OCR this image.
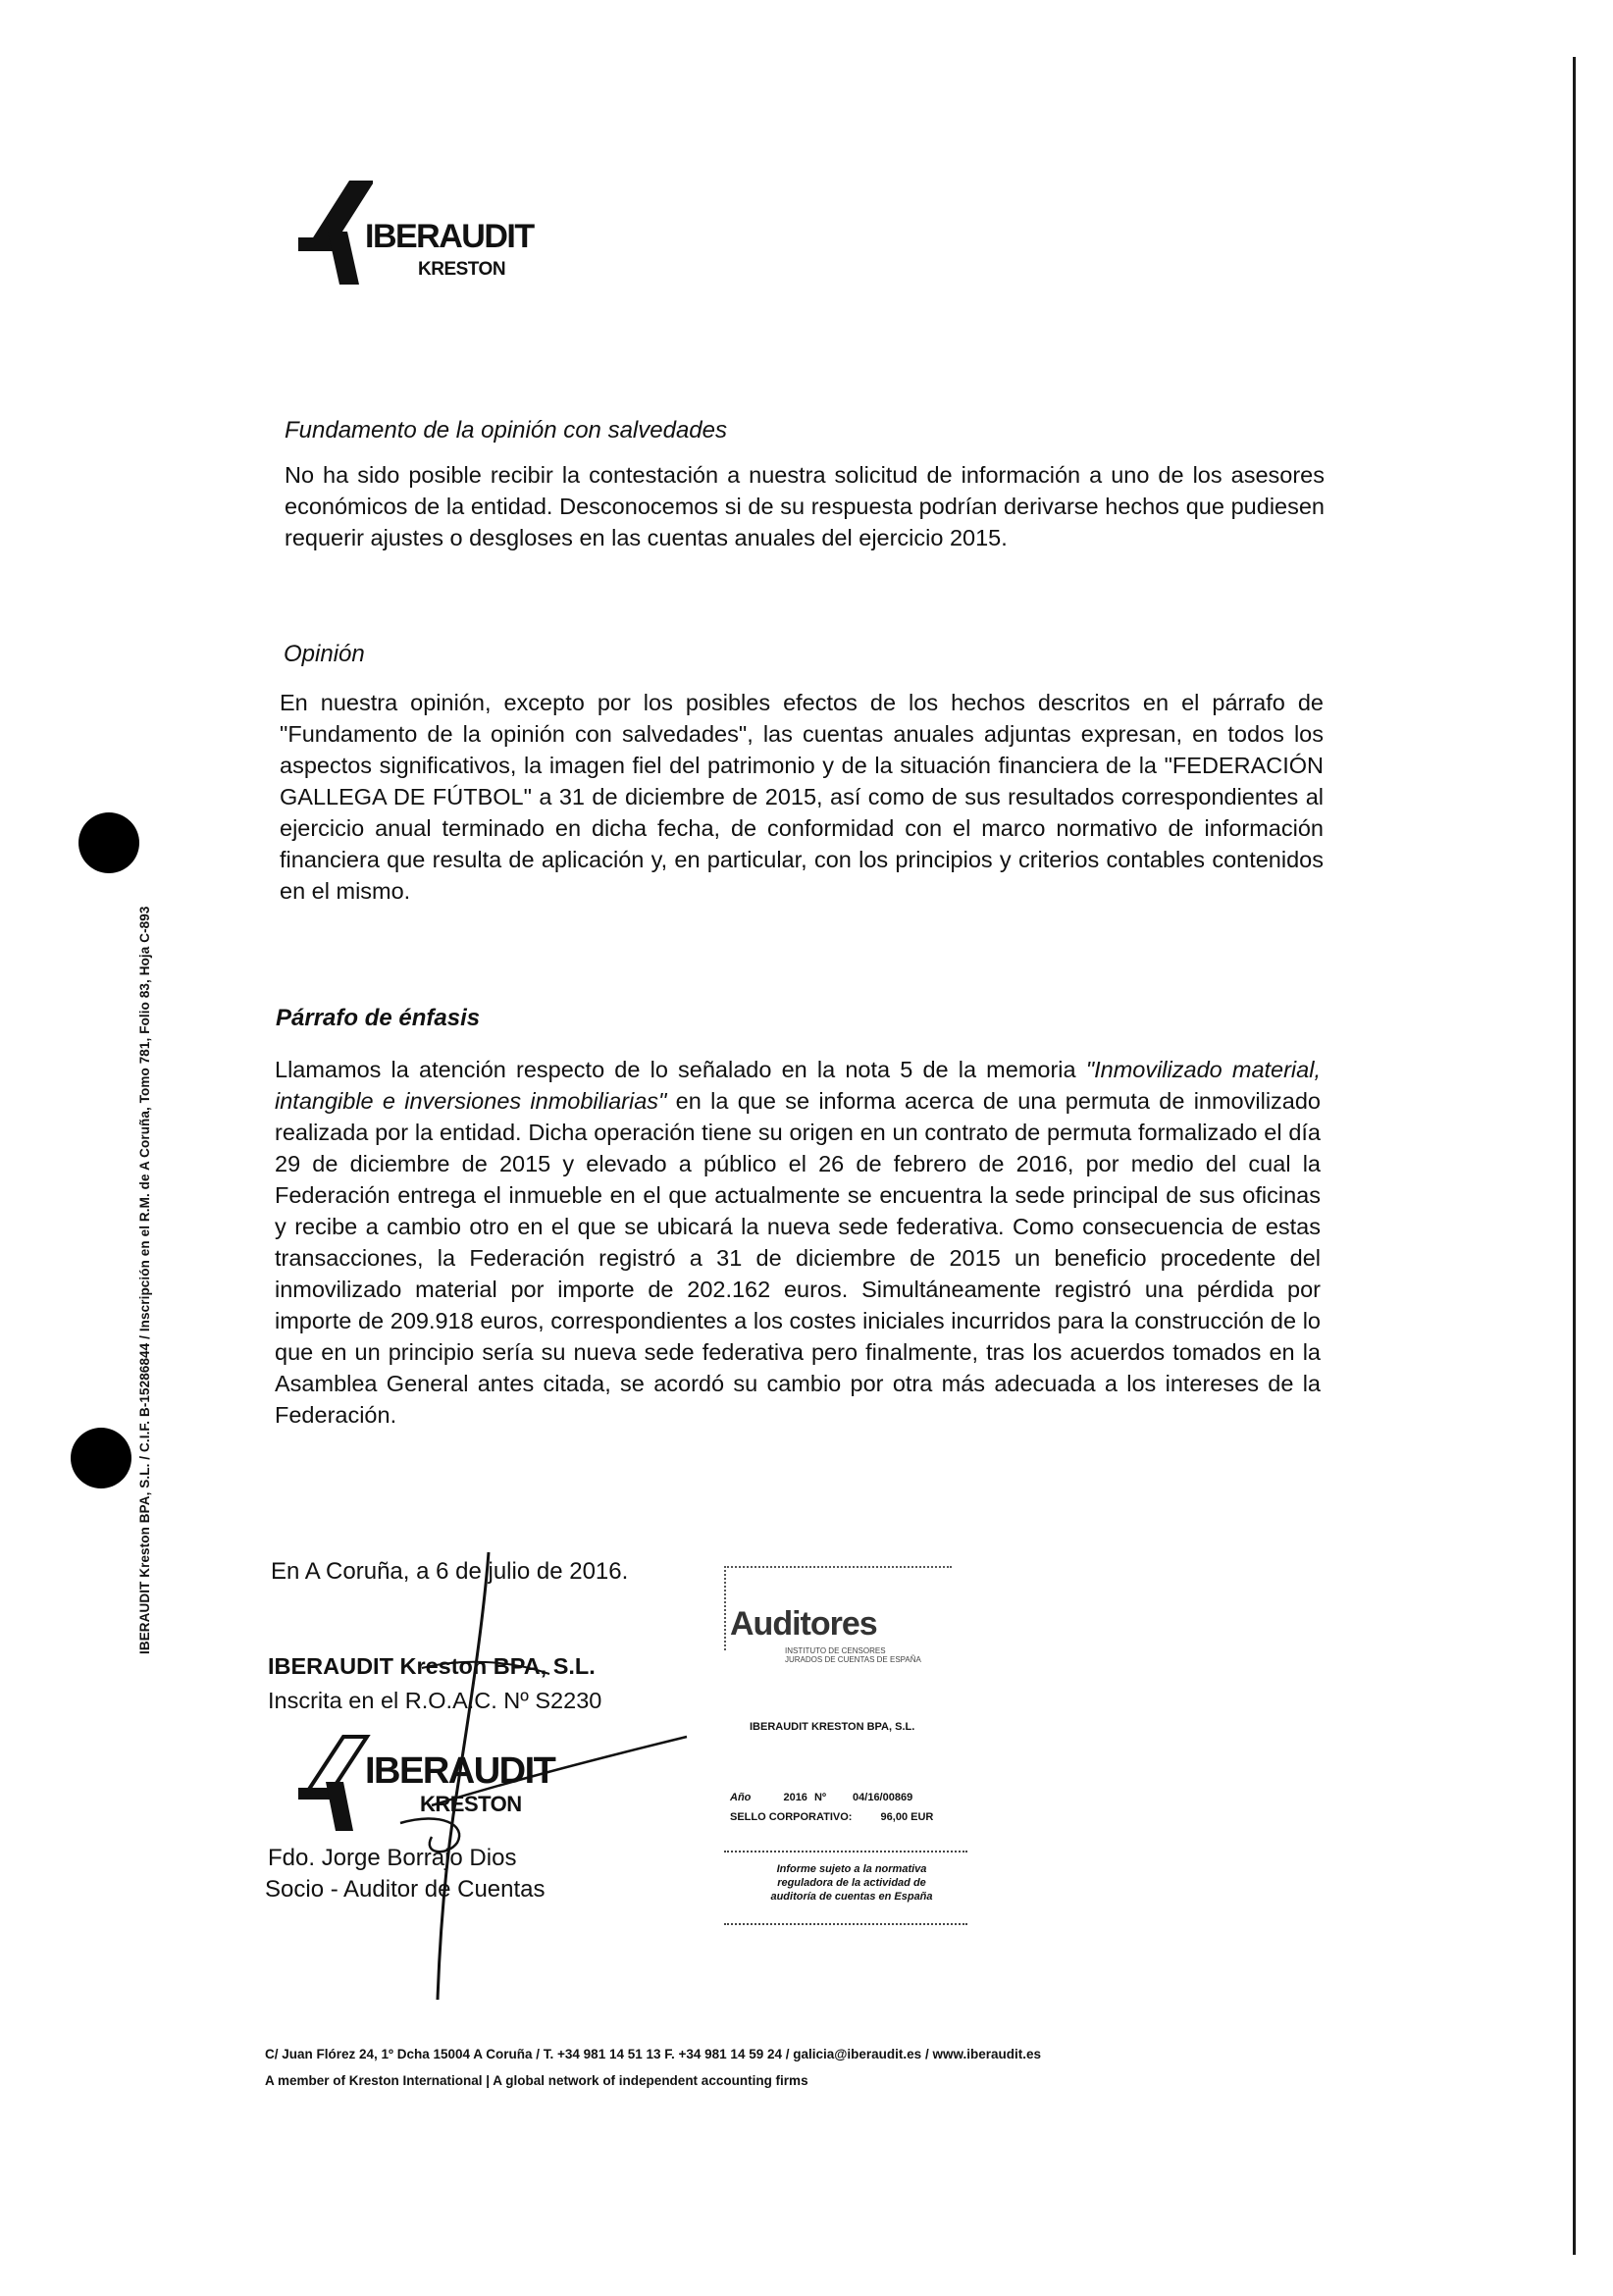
IBERAUDIT Kreston BPA, S.L. / C.I.F. B-15286844 / Inscripción en el R.M. de A Coruña, Tomo 781, Folio 83, Hoja C-893
IBERAUDIT
KRESTON
Fundamento de la opinión con salvedades

No ha sido posible recibir la contestación a nuestra solicitud de información a uno de los asesores económicos de la entidad. Desconocemos si de su respuesta podrían derivarse hechos que pudiesen requerir ajustes o desgloses en las cuentas anuales del ejercicio 2015.

Opinión

En nuestra opinión, excepto por los posibles efectos de los hechos descritos en el párrafo de "Fundamento de la opinión con salvedades", las cuentas anuales adjuntas expresan, en todos los aspectos significativos, la imagen fiel del patrimonio y de la situación financiera de la "FEDERACIÓN GALLEGA DE FÚTBOL" a 31 de diciembre de 2015, así como de sus resultados correspondientes al ejercicio anual terminado en dicha fecha, de conformidad con el marco normativo de información financiera que resulta de aplicación y, en particular, con los principios y criterios contables contenidos en el mismo.

Párrafo de énfasis

Llamamos la atención respecto de lo señalado en la nota 5 de la memoria "Inmovilizado material, intangible e inversiones inmobiliarias" en la que se informa acerca de una permuta de inmovilizado realizada por la entidad. Dicha operación tiene su origen en un contrato de permuta formalizado el día 29 de diciembre de 2015 y elevado a público el 26 de febrero de 2016, por medio del cual la Federación entrega el inmueble en el que actualmente se encuentra la sede principal de sus oficinas y recibe a cambio otro en el que se ubicará la nueva sede federativa. Como consecuencia de estas transacciones, la Federación registró a 31 de diciembre de 2015 un beneficio procedente del inmovilizado material por importe de 202.162 euros. Simultáneamente registró una pérdida por importe de 209.918 euros, correspondientes a los costes iniciales incurridos para la construcción de lo que en un principio sería su nueva sede federativa pero finalmente, tras los acuerdos tomados en la Asamblea General antes citada, se acordó su cambio por otra más adecuada a los intereses de la Federación.

En A Coruña, a 6 de julio de 2016.
IBERAUDIT Kreston BPA, S.L.
Inscrita en el R.O.A.C. Nº S2230
IBERAUDIT
KRESTON
Fdo. Jorge Borrajo Dios
Socio - Auditor de Cuentas
Auditores
INSTITUTO DE CENSORES JURADOS DE CUENTAS DE ESPAÑA
IBERAUDIT KRESTON BPA, S.L.
Año	2016 Nº 04/16/00869
SELLO CORPORATIVO:	96,00 EUR
Informe sujeto a la normativa reguladora de la actividad de auditoría de cuentas en España
C/ Juan Flórez 24, 1º Dcha 15004 A Coruña / T. +34 981 14 51 13 F. +34 981 14 59 24 / galicia@iberaudit.es / www.iberaudit.es
A member of Kreston International | A global network of independent accounting firms
